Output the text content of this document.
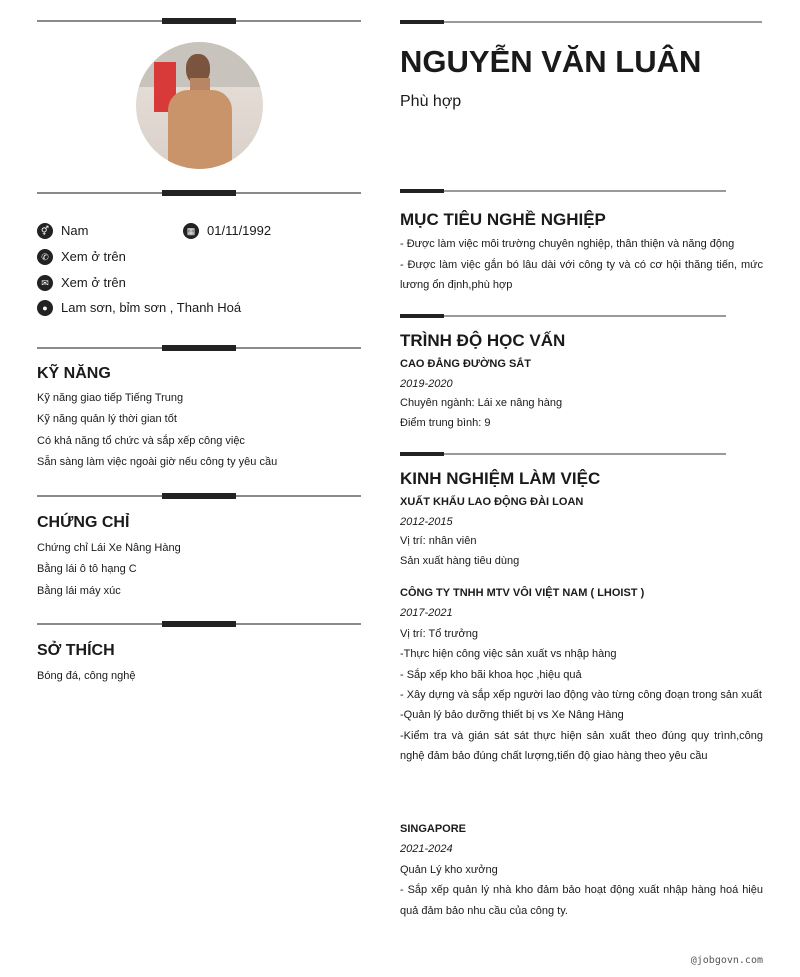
⚥ Nam	▦ 01/11/1992
✆ Xem ở trên
✉ Xem ở trên
●	Lam sơn, bỉm sơn , Thanh Hoá
KỸ NĂNG
Kỹ năng giao tiếp Tiếng Trung
Kỹ năng quản lý thời gian tốt
Có khả năng tổ chức và sắp xếp công việc
Sẵn sàng làm việc ngoài giờ nếu công ty yêu cầu
CHỨNG CHỈ
Chứng chỉ Lái Xe Nâng Hàng
Bằng lái ô tô hạng C
Bằng lái máy xúc
SỞ THÍCH
Bóng đá, công nghệ
NGUYỄN VĂN LUÂN
Phù hợp
MỤC TIÊU NGHỀ NGHIỆP
- Được làm việc môi trường chuyên nghiệp, thân thiện và năng động
- Được làm việc gắn bó lâu dài với công ty và có cơ hội thăng tiến, mức lương ổn định,phù hợp
TRÌNH ĐỘ HỌC VẤN
CAO ĐẲNG ĐƯỜNG SẮT
2019-2020
Chuyên ngành: Lái xe nâng hàng
Điểm trung bình: 9
KINH NGHIỆM LÀM VIỆC
XUẤT KHẨU LAO ĐỘNG ĐÀI LOAN
2012-2015
Vị trí: nhân viên
Sản xuất hàng tiêu dùng
CÔNG TY TNHH MTV VÔI VIỆT NAM ( LHOIST )
2017-2021
Vị trí: Tổ trưởng
-Thực hiện công việc sản xuất vs nhập hàng
- Sắp xếp kho bãi khoa học ,hiệu quả
- Xây dựng và sắp xếp người lao động vào từng công đoạn trong sản xuất
-Quản lý bảo dưỡng thiết bị vs Xe Nâng Hàng
-Kiểm tra và gián sát sát thực hiện sản xuất theo đúng quy trình,công nghệ đảm bảo đúng chất lượng,tiến độ giao hàng theo yêu cầu
SINGAPORE
2021-2024
Quản Lý kho xưởng
- Sắp xếp quản lý nhà kho đảm bảo hoạt động xuất nhập hàng hoá hiệu quả đảm bảo nhu cầu của công ty.
@jobgovn.com
